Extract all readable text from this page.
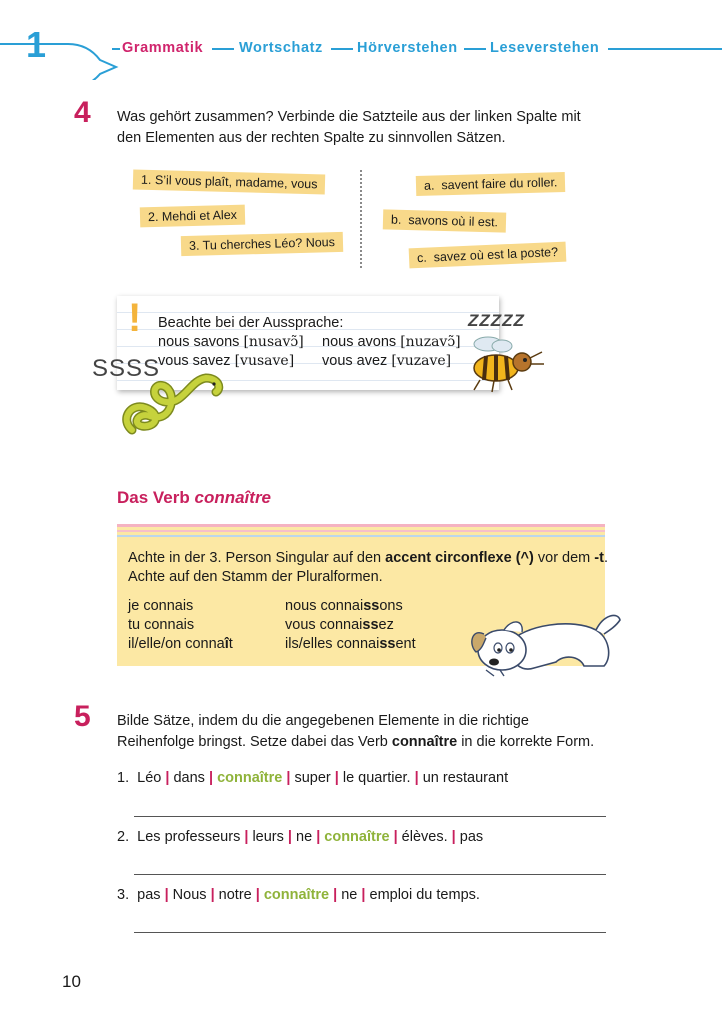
1	Grammatik Wortschatz Hörverstehen Leseverstehen
4 Was gehört zusammen? Verbinde die Satzteile aus der linken Spalte mit
den Elementen aus der rechten Spalte zu sinnvollen Sätzen.
1. S’il vous plaît, madame, vous
2. Mehdi et Alex
3. Tu cherches Léo? Nous
a. savent faire du roller.
b. savons où il est.
c. savez où est la poste?
! Beachte bei der Aussprache:
nous savons [nusavɔ̃] nous avons [nuzavɔ̃]
vous savez [vusave] vous avez [vuzave]
SSSS
ZZZZZ
Das Verb connaître
Achte in der 3. Person Singular auf den accent circonflexe (^) vor dem -t.
Achte auf den Stamm der Pluralformen.
je connais
tu connais
il/elle/on connaît
nous connaissons
vous connaissez
ils/elles connaissent
5 Bilde Sätze, indem du die angegebenen Elemente in die richtige
Reihenfolge bringst. Setze dabei das Verb connaître in die korrekte Form.
1. Léo | dans | connaître | super | le quartier. | un restaurant
2. Les professeurs | leurs | ne | connaître | élèves. | pas
3. pas | Nous | notre | connaître | ne | emploi du temps.
10
